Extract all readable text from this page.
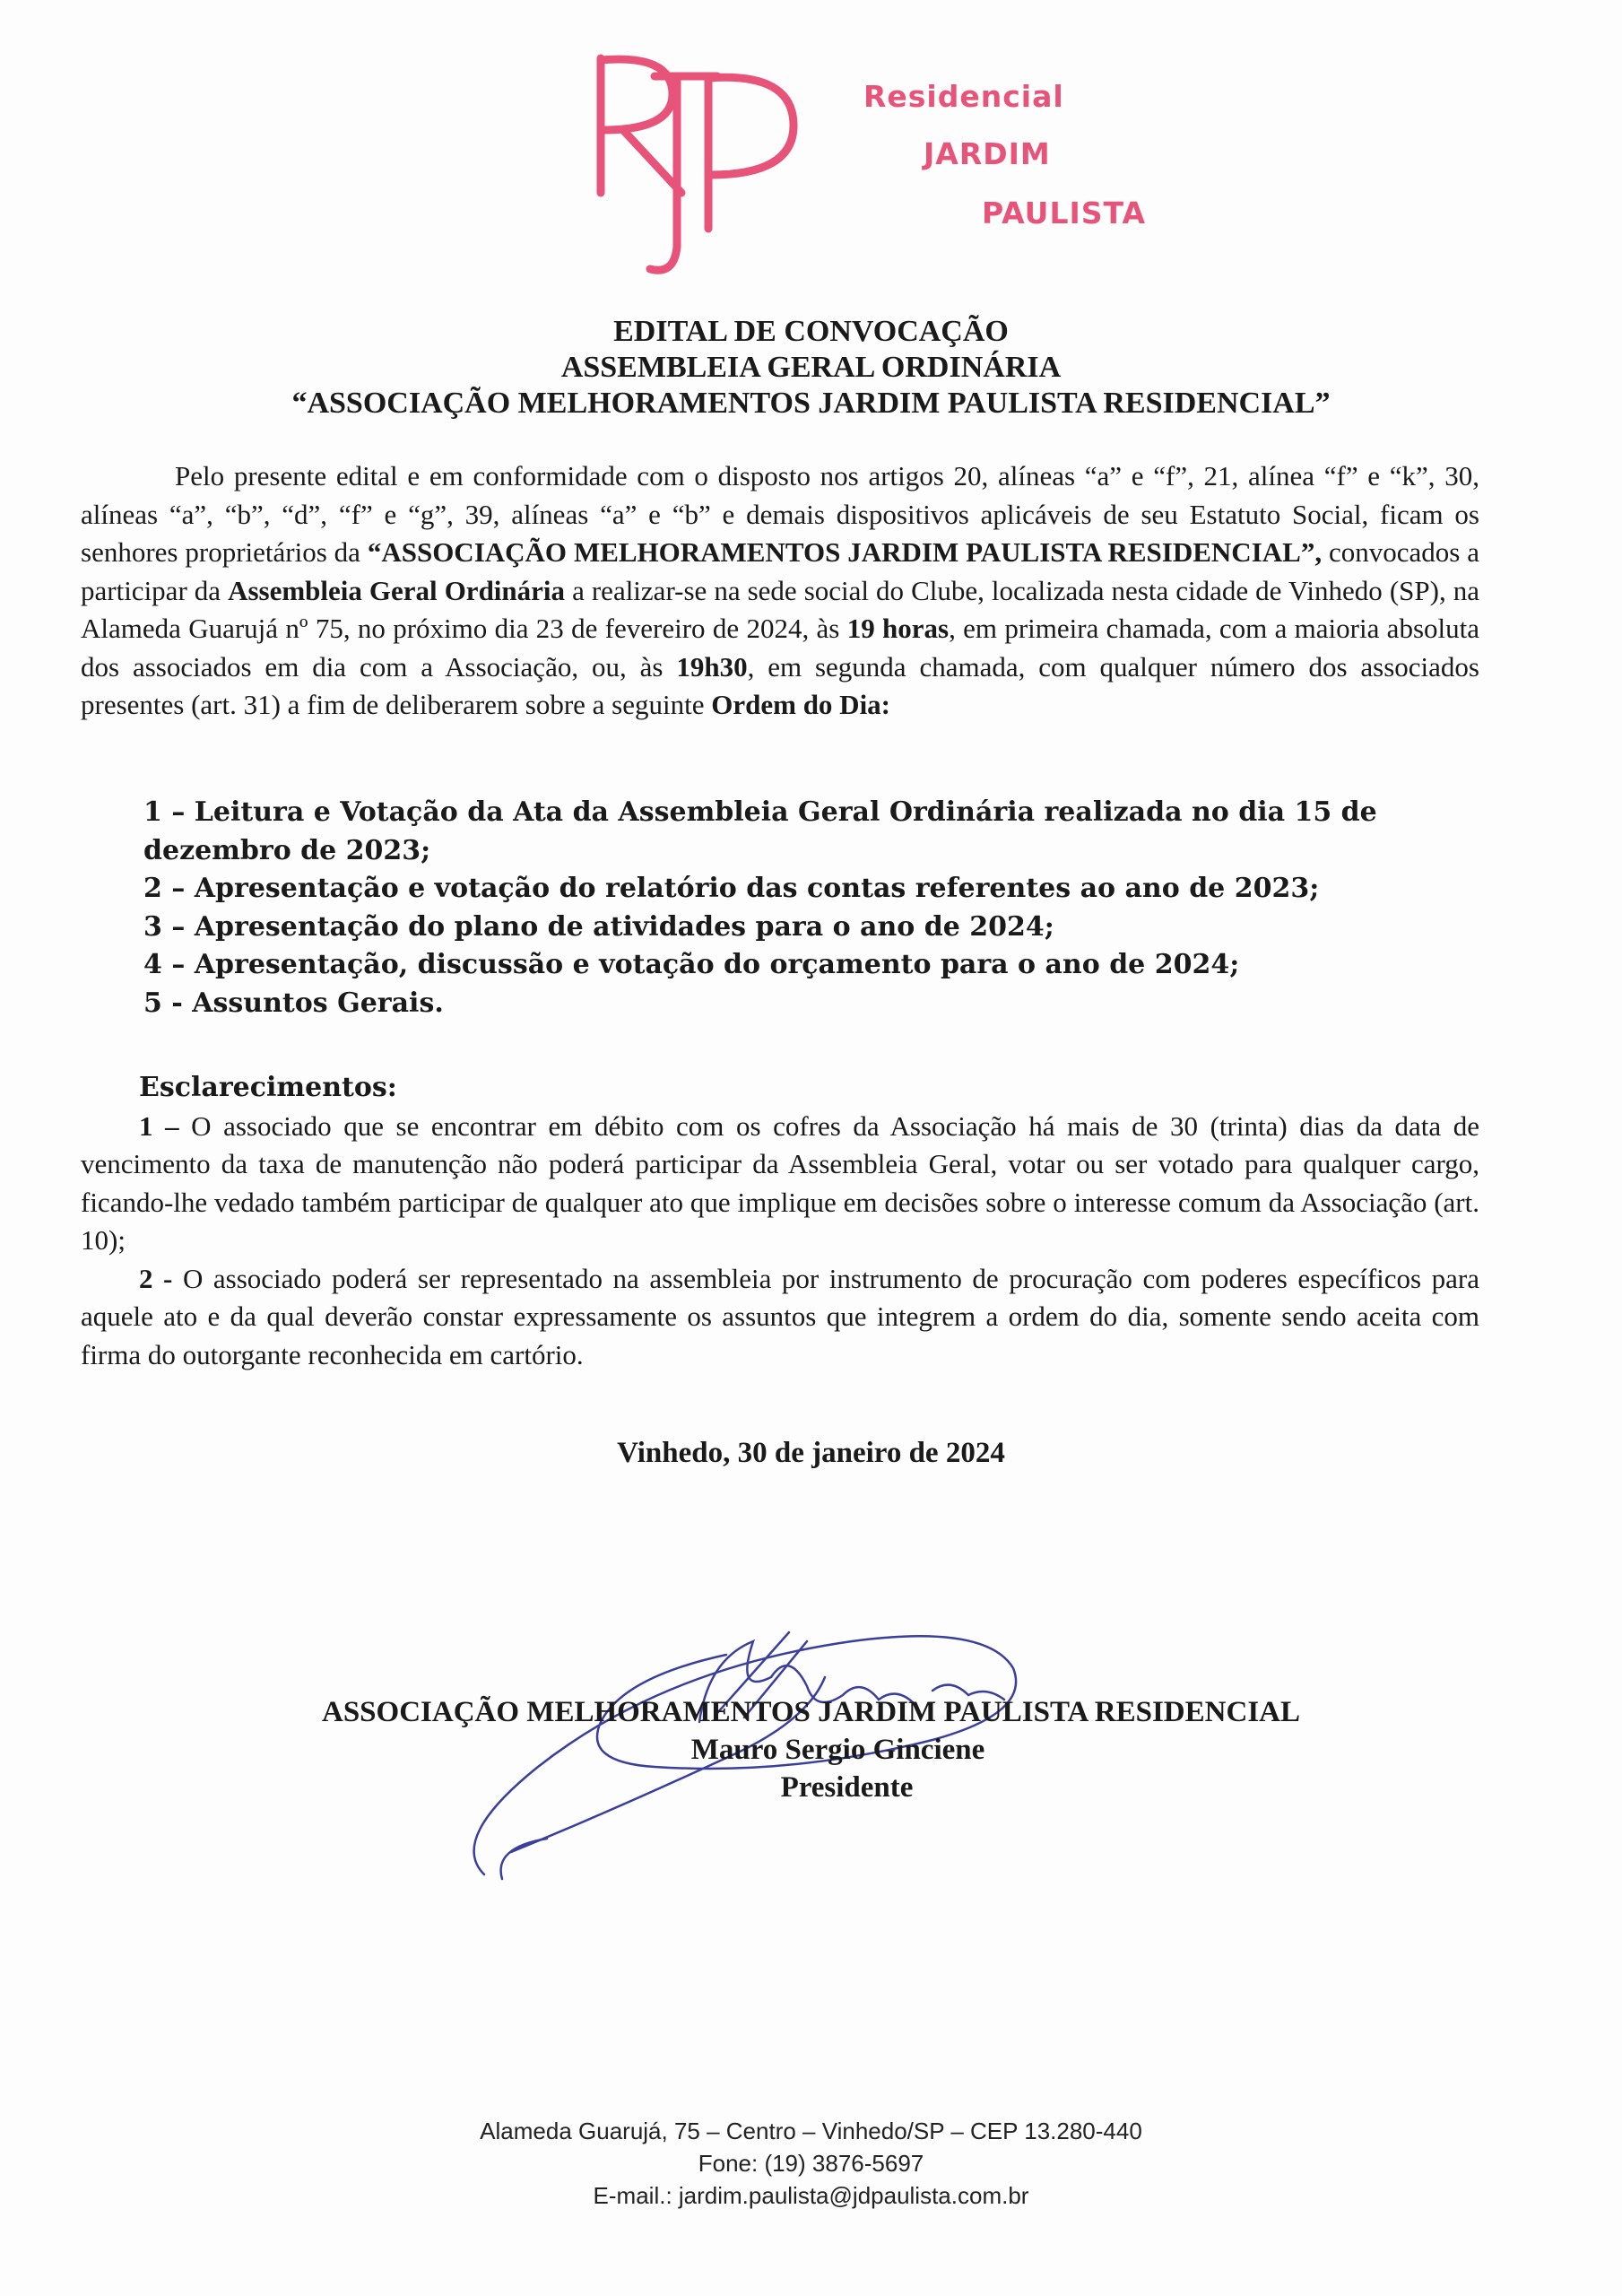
Residencial
JARDIM
PAULISTA
EDITAL DE CONVOCAÇÃO
ASSEMBLEIA GERAL ORDINÁRIA
“ASSOCIAÇÃO MELHORAMENTOS JARDIM PAULISTA RESIDENCIAL”

Pelo presente edital e em conformidade com o disposto nos artigos 20, alíneas “a” e “f”, 21, alínea “f” e “k”, 30, alíneas “a”, “b”, “d”, “f” e “g”, 39, alíneas “a” e “b” e demais dispositivos aplicáveis de seu Estatuto Social, ficam os senhores proprietários da “ASSOCIAÇÃO MELHORAMENTOS JARDIM PAULISTA RESIDENCIAL”, convocados a participar da Assembleia Geral Ordinária a realizar-se na sede social do Clube, localizada nesta cidade de Vinhedo (SP), na Alameda Guarujá nº 75, no próximo dia 23 de fevereiro de 2024, às 19 horas, em primeira chamada, com a maioria absoluta dos associados em dia com a Associação, ou, às 19h30, em segunda chamada, com qualquer número dos associados presentes (art. 31) a fim de deliberarem sobre a seguinte Ordem do Dia:

1 – Leitura e Votação da Ata da Assembleia Geral Ordinária realizada no dia 15 de dezembro de 2023;

2 – Apresentação e votação do relatório das contas referentes ao ano de 2023;

3 – Apresentação do plano de atividades para o ano de 2024;

4 – Apresentação, discussão e votação do orçamento para o ano de 2024;

5 - Assuntos Gerais.

Esclarecimentos:

1 – O associado que se encontrar em débito com os cofres da Associação há mais de 30 (trinta) dias da data de vencimento da taxa de manutenção não poderá participar da Assembleia Geral, votar ou ser votado para qualquer cargo, ficando-lhe vedado também participar de qualquer ato que implique em decisões sobre o interesse comum da Associação (art. 10);

2 - O associado poderá ser representado na assembleia por instrumento de procuração com poderes específicos para aquele ato e da qual deverão constar expressamente os assuntos que integrem a ordem do dia, somente sendo aceita com firma do outorgante reconhecida em cartório.

Vinhedo, 30 de janeiro de 2024
ASSOCIAÇÃO MELHORAMENTOS JARDIM PAULISTA RESIDENCIAL
Mauro Sergio Ginciene
Presidente
Alameda Guarujá, 75 – Centro – Vinhedo/SP – CEP 13.280-440
Fone: (19) 3876-5697
E-mail.: jardim.paulista@jdpaulista.com.br
